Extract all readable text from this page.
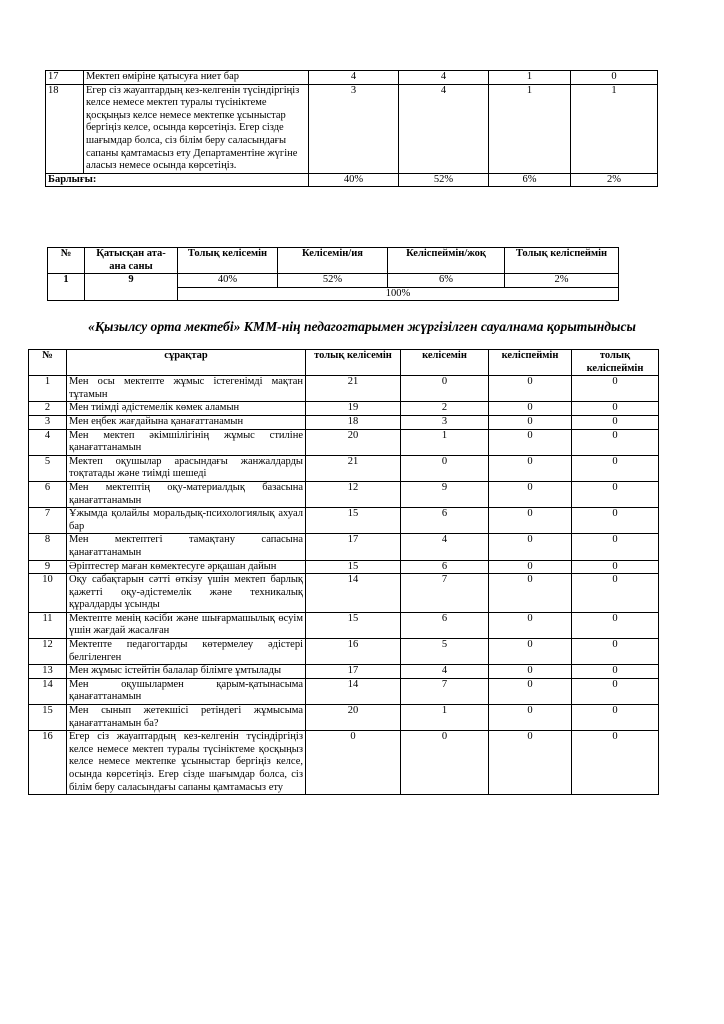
17	Мектеп өміріне қатысуға ниет бар	4	4	1	0
18	Егер сіз жауаптардың кез-келгенін түсіндіргіңіз келсе немесе мектеп туралы түсініктеме қосқыңыз келсе немесе мектепке ұсыныстар бергіңіз келсе, осында көрсетіңіз. Егер сізде шағымдар болса, сіз білім беру саласындағы сапаны қамтамасыз ету Департаментіне жүгіне аласыз немесе осында көрсетіңіз.	3	4	1	1
Барлығы:		40%	52%	6%	2%
№	Қатысқан ата-ана саны	Толық келісемін	Келісемін/ия	Келіспеймін/жоқ	Толық келіспеймін
1	9	40%	52%	6%	2%
		100%			
«Қызылсу орта мектебі» КММ-нің педагогтарымен жүргізілген сауалнама қорытындысы
№	сұрақтар	толық келісемін	келісемін	келіспеймін	толық келіспеймін
1	Мен осы мектепте жұмыс істегенімді мақтан тұтамын	21	0	0	0
2	Мен тиімді әдістемелік көмек аламын	19	2	0	0
3	Мен еңбек жағдайына қанағаттанамын	18	3	0	0
4	Мен мектеп әкімшілігінің жұмыс стиліне қанағаттанамын	20	1	0	0
5	Мектеп оқушылар арасындағы жанжалдарды тоқтатады және тиімді шешеді	21	0	0	0
6	Мен мектептің оқу-материалдық базасына қанағаттанамын	12	9	0	0
7	Ұжымда қолайлы моральдық-психологиялық ахуал бар	15	6	0	0
8	Мен мектептегі тамақтану сапасына қанағаттанамын	17	4	0	0
9	Әріптестер маған көмектесуге әрқашан дайын	15	6	0	0
10	Оқу сабақтарын сәтті өткізу үшін мектеп барлық қажетті оқу-әдістемелік және техникалық құралдарды ұсынды	14	7	0	0
11	Мектепте менің кәсіби және шығармашылық өсуім үшін жағдай жасалған	15	6	0	0
12	Мектепте педагогтарды көтермелеу әдістері белгіленген	16	5	0	0
13	Мен жұмыс істейтін балалар білімге ұмтылады	17	4	0	0
14	Мен оқушылармен қарым-қатынасыма қанағаттанамын	14	7	0	0
15	Мен сынып жетекшісі ретіндегі жұмысыма қанағаттанамын ба?	20	1	0	0
16	Егер сіз жауаптардың кез-келгенін түсіндіргіңіз келсе немесе мектеп туралы түсініктеме қосқыңыз келсе немесе мектепке ұсыныстар бергіңіз келсе, осында көрсетіңіз. Егер сізде шағымдар болса, сіз білім беру саласындағы сапаны қамтамасыз ету	0	0	0	0
